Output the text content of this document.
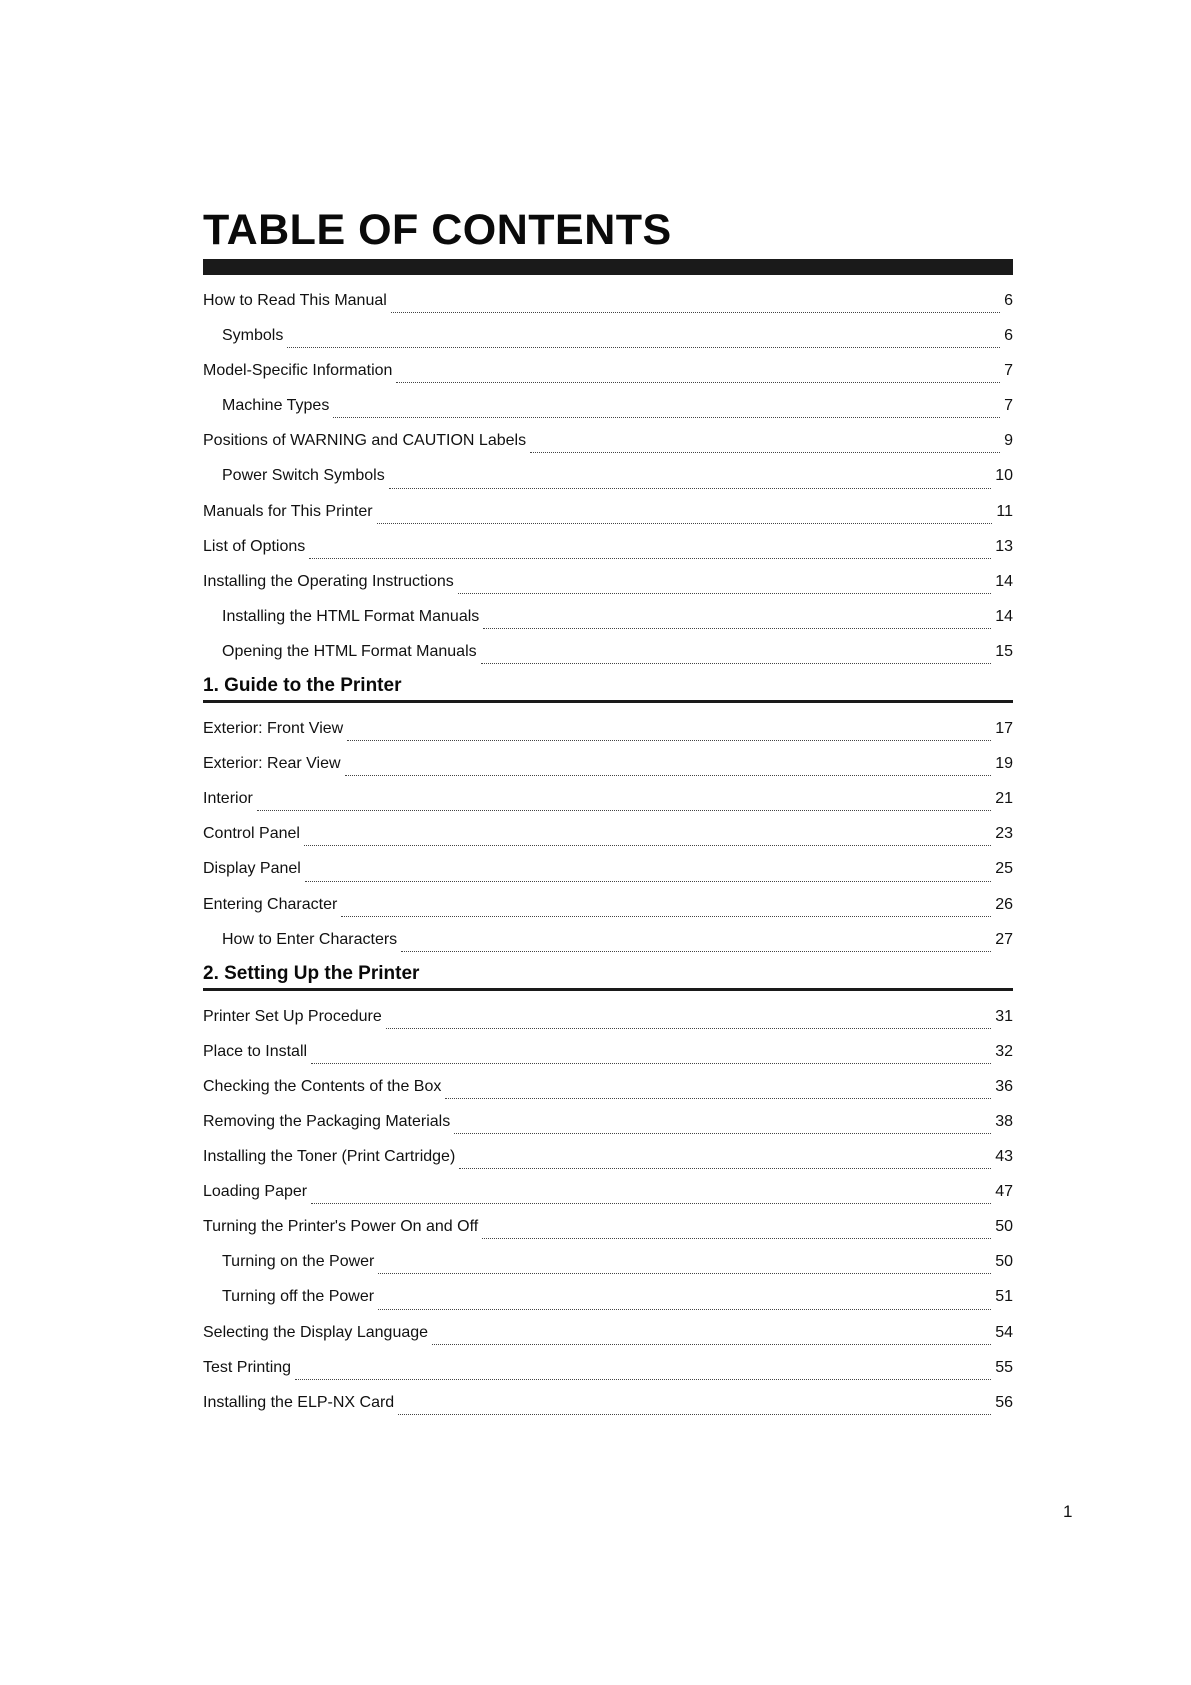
TABLE OF CONTENTS
How to Read This Manual	6
Symbols	6
Model-Specific Information	7
Machine Types	7
Positions of WARNING and CAUTION Labels	9
Power Switch Symbols	10
Manuals for This Printer	11
List of Options	13
Installing the Operating Instructions	14
Installing the HTML Format Manuals	14
Opening the HTML Format Manuals	15
1. Guide to the Printer
Exterior: Front View	17
Exterior: Rear View	19
Interior	21
Control Panel	23
Display Panel	25
Entering Character	26
How to Enter Characters	27
2. Setting Up the Printer
Printer Set Up Procedure	31
Place to Install	32
Checking the Contents of the Box	36
Removing the Packaging Materials	38
Installing the Toner (Print Cartridge)	43
Loading Paper	47
Turning the Printer's Power On and Off	50
Turning on the Power	50
Turning off the Power	51
Selecting the Display Language	54
Test Printing	55
Installing the ELP-NX Card	56
1
